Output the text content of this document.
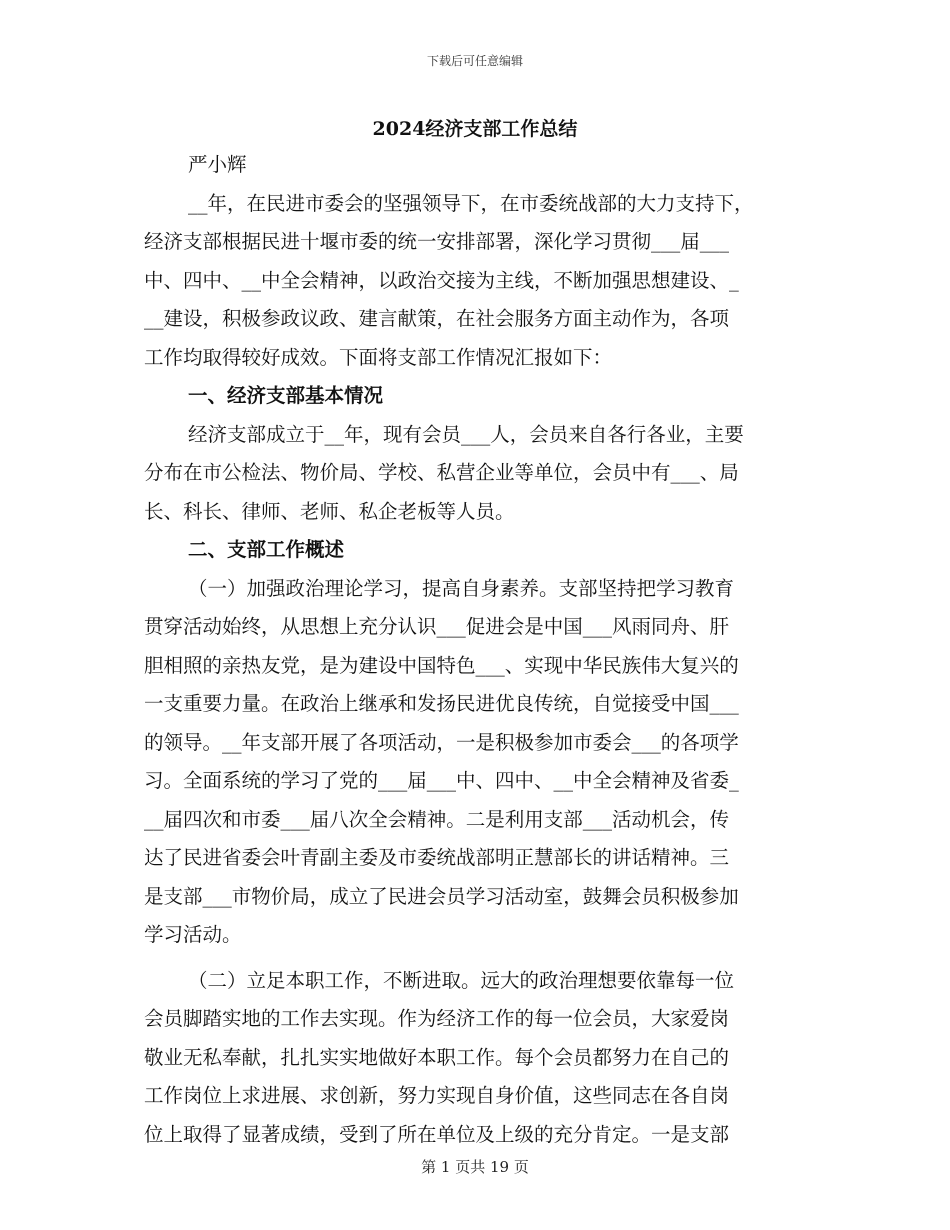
下载后可任意编辑
2024经济支部工作总结
严小辉
__年，在民进市委会的坚强领导下，在市委统战部的大力支持下，
经济支部根据民进十堰市委的统一安排部署，深化学习贯彻___届___
中、四中、__中全会精神，以政治交接为主线，不断加强思想建设、_
__建设，积极参政议政、建言献策，在社会服务方面主动作为，各项
工作均取得较好成效。下面将支部工作情况汇报如下：
一、经济支部基本情况
经济支部成立于__年，现有会员___人，会员来自各行各业，主要
分布在市公检法、物价局、学校、私营企业等单位，会员中有___、局
长、科长、律师、老师、私企老板等人员。
二、支部工作概述
（一）加强政治理论学习，提高自身素养。支部坚持把学习教育
贯穿活动始终，从思想上充分认识___促进会是中国___风雨同舟、肝
胆相照的亲热友党，是为建设中国特色___、实现中华民族伟大复兴的
一支重要力量。在政治上继承和发扬民进优良传统，自觉接受中国___
的领导。__年支部开展了各项活动，一是积极参加市委会___的各项学
习。全面系统的学习了党的___届___中、四中、__中全会精神及省委_
__届四次和市委___届八次全会精神。二是利用支部___活动机会，传
达了民进省委会叶青副主委及市委统战部明正慧部长的讲话精神。三
是支部___市物价局，成立了民进会员学习活动室，鼓舞会员积极参加
学习活动。
（二）立足本职工作，不断进取。远大的政治理想要依靠每一位
会员脚踏实地的工作去实现。作为经济工作的每一位会员，大家爱岗
敬业无私奉献，扎扎实实地做好本职工作。每个会员都努力在自己的
工作岗位上求进展、求创新，努力实现自身价值，这些同志在各自岗
位上取得了显著成绩，受到了所在单位及上级的充分肯定。一是支部
第 1 页共 19 页
